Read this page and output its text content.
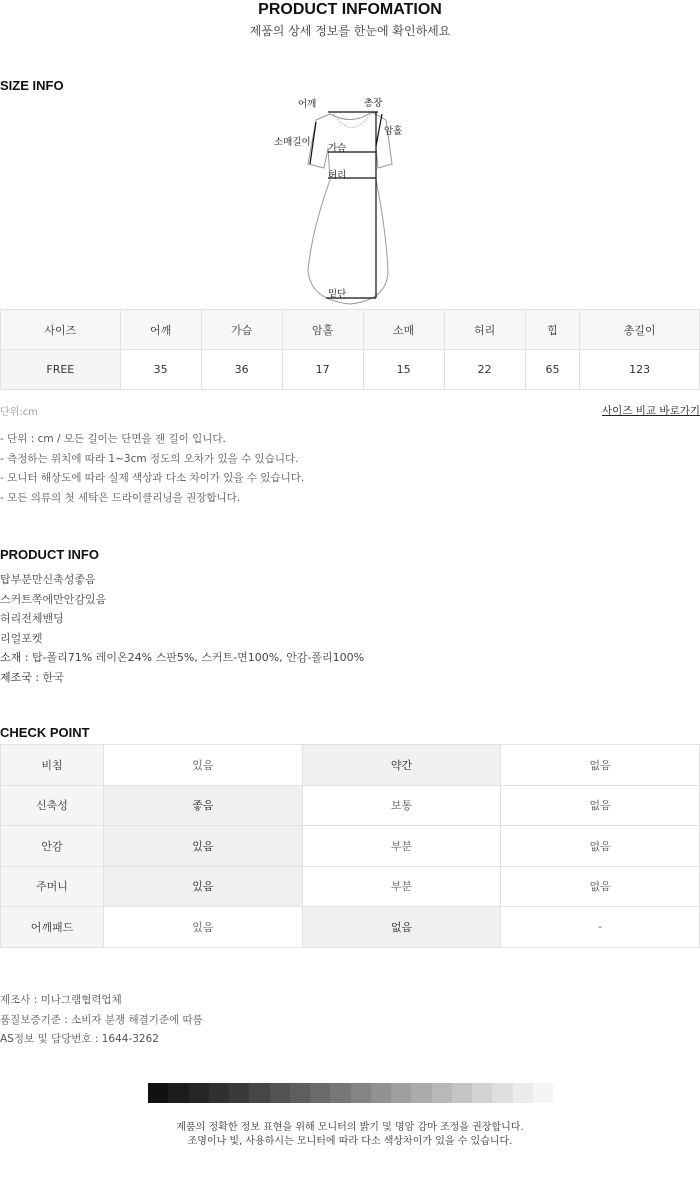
PRODUCT INFOMATION
제품의 상세 정보를 한눈에 확인하세요
SIZE INFO
어깨	총장
암홀
소매길이
가슴
허리
밑단
사이즈	어깨	가슴	암홀	소매	허리	힙	총길이
FREE	35	36	17	15	22	65	123
단위:cm	사이즈 비교 바로가기
- 단위 : cm / 모든 길이는 단면을 잰 길이 입니다.
- 측정하는 위치에 따라 1~3cm 정도의 오차가 있을 수 있습니다.
- 모니터 해상도에 따라 실제 색상과 다소 차이가 있을 수 있습니다.
- 모든 의류의 첫 세탁은 드라이클리닝을 권장합니다.
PRODUCT INFO
탑부분만신축성좋음
스커트쪽에만안감있음
허리전체밴딩
리얼포켓
소재 : 탑-폴리71% 레이온24% 스판5%, 스커트-면100%, 안감-폴리100%
제조국 : 한국
CHECK POINT
비침	있음	약간	없음
신축성	좋음	보통	없음
안감	있음	부분	없음
주머니	있음	부분	없음
어깨패드	있음	없음	-
제조사 : 미나그램협력업체
품질보증기준 : 소비자 분쟁 해결기준에 따름
AS정보 및 담당번호 : 1644-3262
제품의 정확한 정보 표현을 위해 모니터의 밝기 및 명암 감마 조정을 권장합니다.
조명이나 빛, 사용하시는 모니터에 따라 다소 색상차이가 있을 수 있습니다.
